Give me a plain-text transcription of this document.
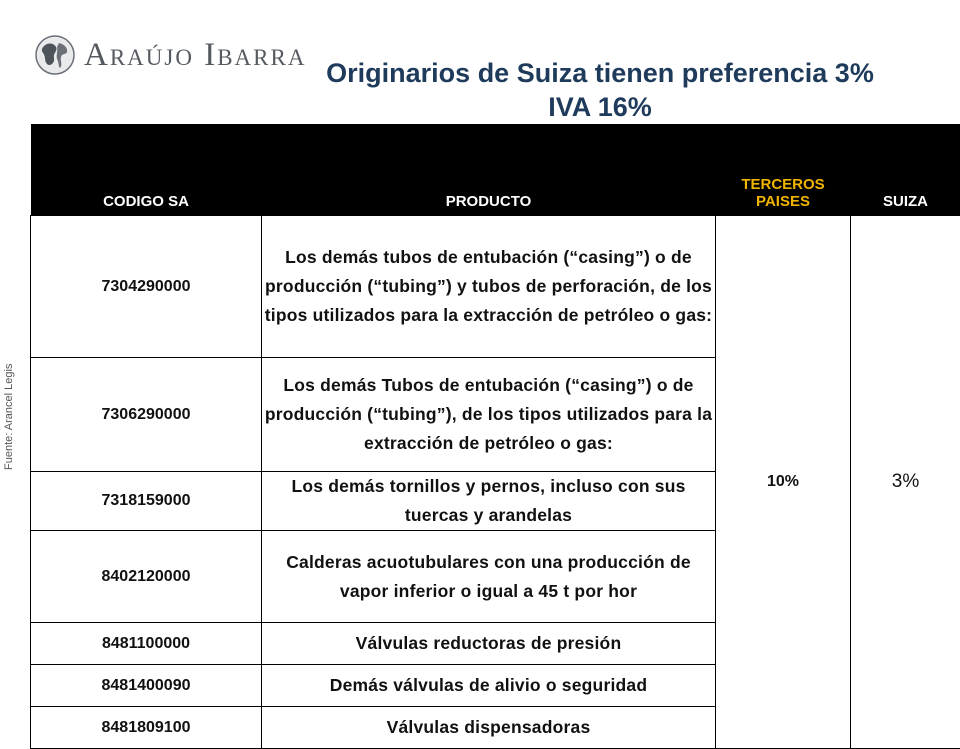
Araújo Ibarra
Originarios de Suiza tienen preferencia 3%
IVA 16%
Fuente: Arancel Legis
CODIGO SA	PRODUCTO	TERCEROS PAISES	SUIZA
7304290000	Los demás tubos de entubación (“casing”) o de producción (“tubing”) y tubos de perforación, de los tipos utilizados para la extracción de petróleo o gas:	10%	3%
7306290000	Los demás Tubos de entubación (“casing”) o de producción (“tubing”), de los tipos utilizados para la extracción de petróleo o gas:		
7318159000	Los demás tornillos y pernos, incluso con sus tuercas y arandelas		
8402120000	Calderas acuotubulares con una producción de vapor inferior o igual a 45 t por hor		
8481100000	Válvulas reductoras de presión		
8481400090	Demás válvulas de alivio o seguridad		
8481809100	Válvulas dispensadoras		
